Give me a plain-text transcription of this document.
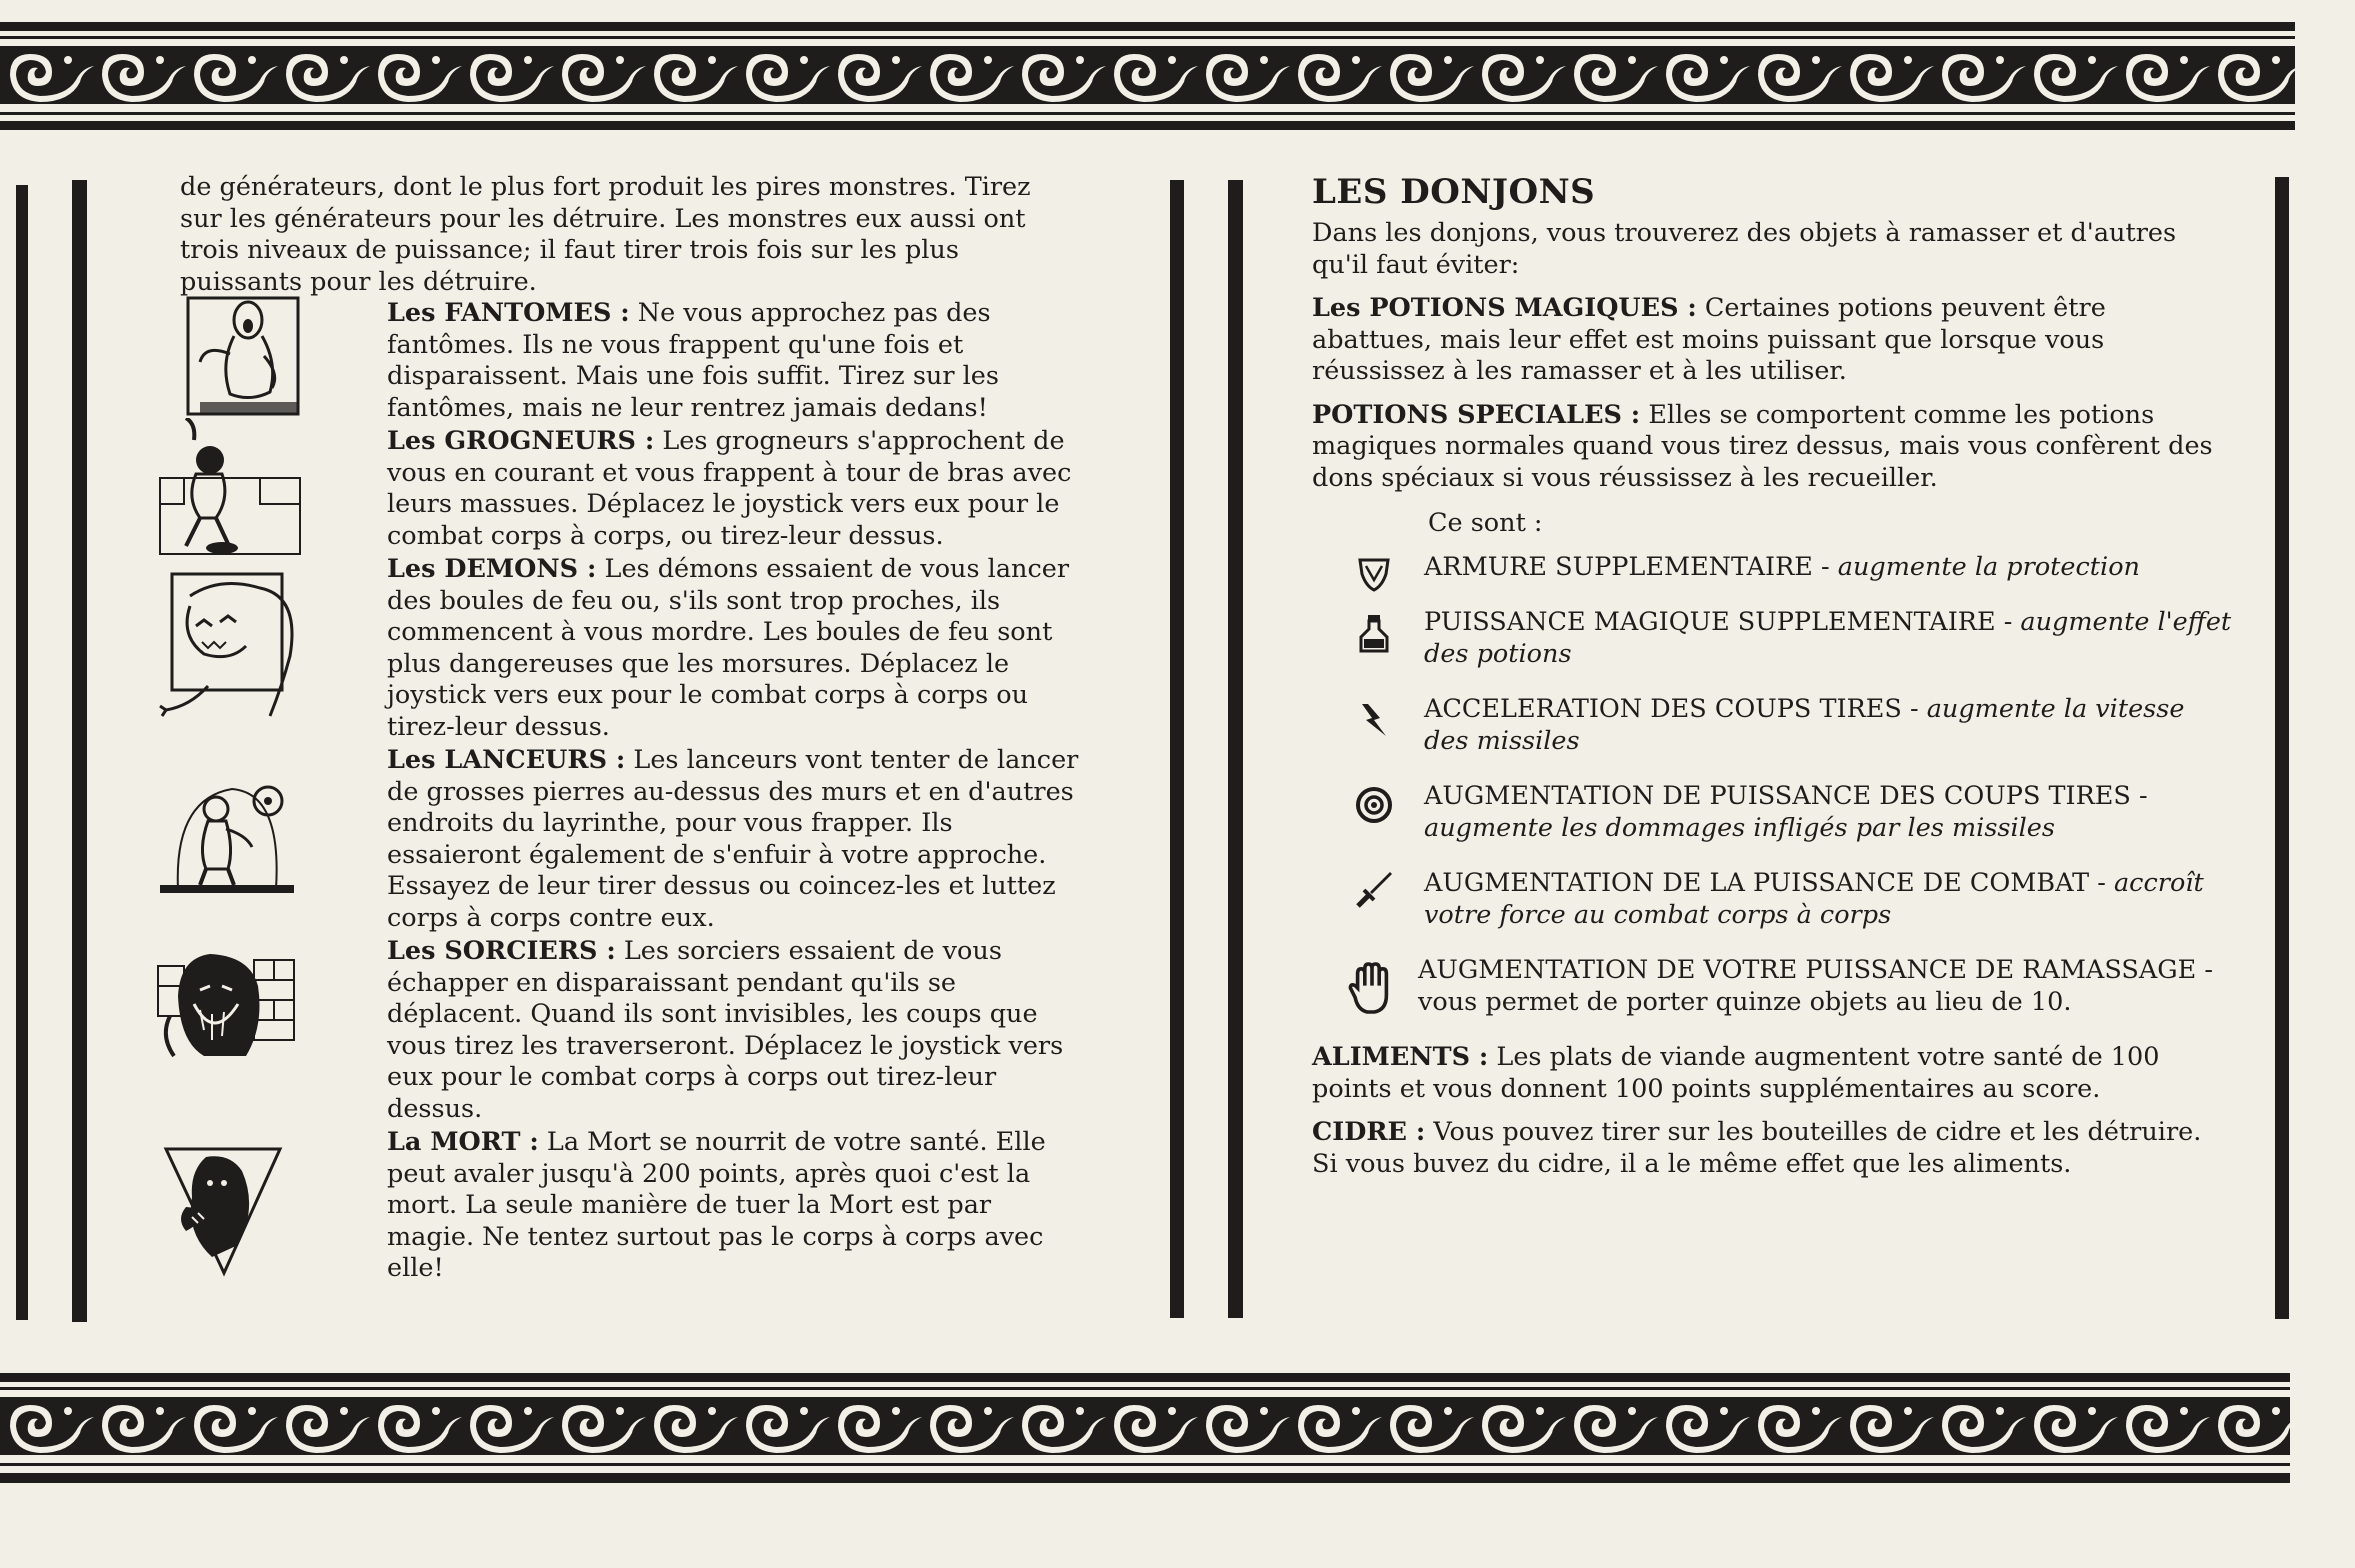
de générateurs, dont le plus fort produit les pires monstres. Tirez sur les générateurs pour les détruire. Les monstres eux aussi ont trois niveaux de puissance; il faut tirer trois fois sur les plus puissants pour les détruire.

Les FANTOMES : Ne vous approchez pas des fantômes. Ils ne vous frappent qu'une fois et disparaissent. Mais une fois suffit. Tirez sur les fantômes, mais ne leur rentrez jamais dedans!
Les GROGNEURS : Les grogneurs s'approchent de vous en courant et vous frappent à tour de bras avec leurs massues. Déplacez le joystick vers eux pour le combat corps à corps, ou tirez-leur dessus.
Les DEMONS : Les démons essaient de vous lancer des boules de feu ou, s'ils sont trop proches, ils commencent à vous mordre. Les boules de feu sont plus dangereuses que les morsures. Déplacez le joystick vers eux pour le combat corps à corps ou tirez-leur dessus.
Les LANCEURS : Les lanceurs vont tenter de lancer de grosses pierres au-dessus des murs et en d'autres endroits du layrinthe, pour vous frapper. Ils essaieront également de s'enfuir à votre approche. Essayez de leur tirer dessus ou coincez-les et luttez corps à corps contre eux.
Les SORCIERS : Les sorciers essaient de vous échapper en disparaissant pendant qu'ils se déplacent. Quand ils sont invisibles, les coups que vous tirez les traverseront. Déplacez le joystick vers eux pour le combat corps à corps out tirez-leur dessus.
La MORT : La Mort se nourrit de votre santé. Elle peut avaler jusqu'à 200 points, après quoi c'est la mort. La seule manière de tuer la Mort est par magie. Ne tentez surtout pas le corps à corps avec elle!
LES DONJONS

Dans les donjons, vous trouverez des objets à ramasser et d'autres qu'il faut éviter:

Les POTIONS MAGIQUES : Certaines potions peuvent être abattues, mais leur effet est moins puissant que lorsque vous réussissez à les ramasser et à les utiliser.

POTIONS SPECIALES : Elles se comportent comme les potions magiques normales quand vous tirez dessus, mais vous confèrent des dons spéciaux si vous réussissez à les recueiller.

Ce sont :

ARMURE SUPPLEMENTAIRE - augmente la protection
PUISSANCE MAGIQUE SUPPLEMENTAIRE - augmente l'effet des potions
ACCELERATION DES COUPS TIRES - augmente la vitesse des missiles
AUGMENTATION DE PUISSANCE DES COUPS TIRES - augmente les dommages infligés par les missiles
AUGMENTATION DE LA PUISSANCE DE COMBAT - accroît votre force au combat corps à corps
AUGMENTATION DE VOTRE PUISSANCE DE RAMASSAGE - vous permet de porter quinze objets au lieu de 10.

ALIMENTS : Les plats de viande augmentent votre santé de 100 points et vous donnent 100 points supplémentaires au score.

CIDRE : Vous pouvez tirer sur les bouteilles de cidre et les détruire. Si vous buvez du cidre, il a le même effet que les aliments.
